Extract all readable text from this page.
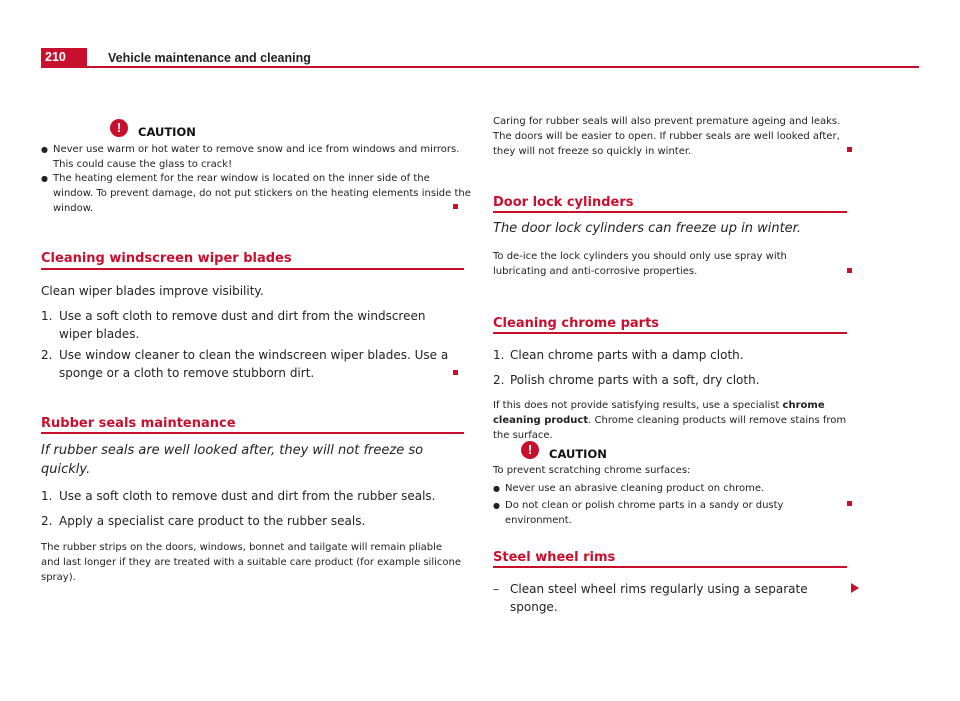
210	Vehicle maintenance and cleaning
!	CAUTION
● Never use warm or hot water to remove snow and ice from windows and mirrors. This could cause the glass to crack!
● The heating element for the rear window is located on the inner side of the window. To prevent damage, do not put stickers on the heating elements inside the window.
Cleaning windscreen wiper blades
Clean wiper blades improve visibility.
1. Use a soft cloth to remove dust and dirt from the windscreen wiper blades.
2. Use window cleaner to clean the windscreen wiper blades. Use a sponge or a cloth to remove stubborn dirt.
Rubber seals maintenance
If rubber seals are well looked after, they will not freeze so quickly.
1. Use a soft cloth to remove dust and dirt from the rubber seals.
2. Apply a specialist care product to the rubber seals.
The rubber strips on the doors, windows, bonnet and tailgate will remain pliable and last longer if they are treated with a suitable care product (for example silicone spray).
Caring for rubber seals will also prevent premature ageing and leaks. The doors will be easier to open. If rubber seals are well looked after, they will not freeze so quickly in winter.
Door lock cylinders
The door lock cylinders can freeze up in winter.
To de-ice the lock cylinders you should only use spray with lubricating and anti-corrosive properties.
Cleaning chrome parts
1. Clean chrome parts with a damp cloth.
2. Polish chrome parts with a soft, dry cloth.
If this does not provide satisfying results, use a specialist chrome cleaning product. Chrome cleaning products will remove stains from the surface.
!	CAUTION
To prevent scratching chrome surfaces:
● Never use an abrasive cleaning product on chrome.
● Do not clean or polish chrome parts in a sandy or dusty environment.
Steel wheel rims
– Clean steel wheel rims regularly using a separate sponge.
